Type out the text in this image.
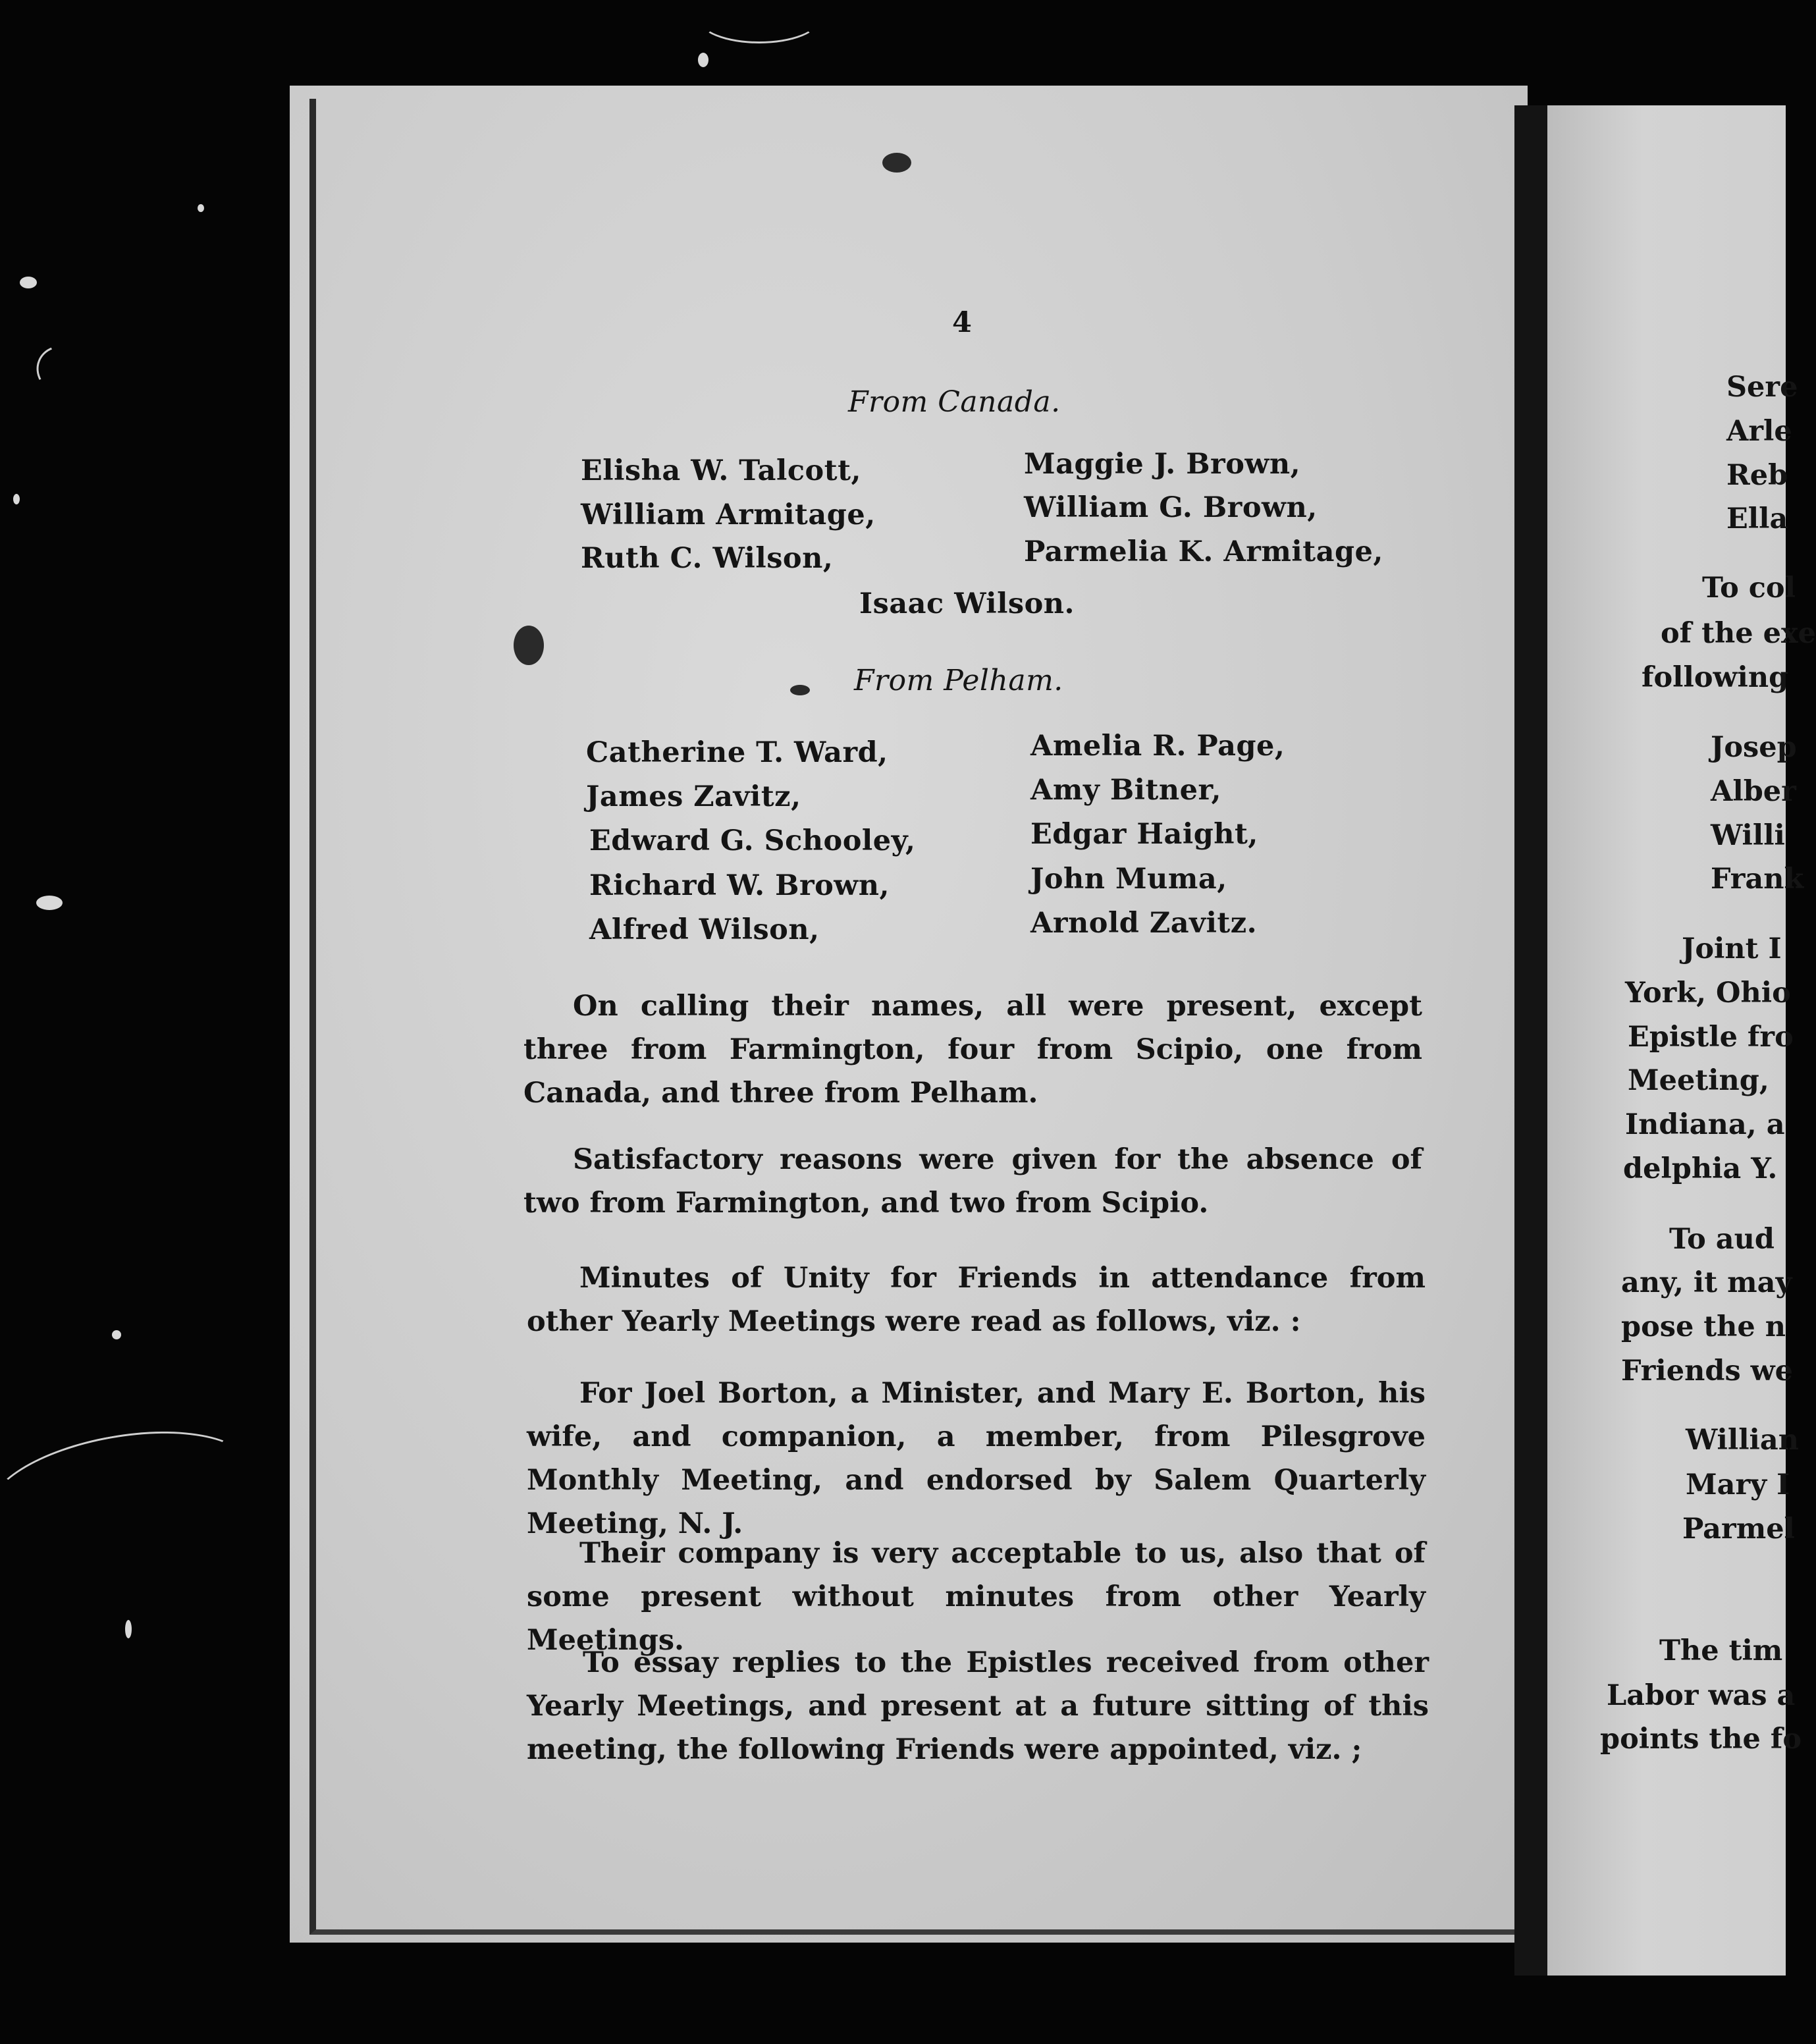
4
From Canada.
Elisha W. Talcott,
William Armitage,
Ruth C. Wilson,
Maggie J. Brown,
William G. Brown,
Parmelia K. Armitage,
Isaac Wilson.
From Pelham.
Catherine T. Ward,
James Zavitz,
Edward G. Schooley,
Richard W. Brown,
Alfred Wilson,
Amelia R. Page,
Amy Bitner,
Edgar Haight,
John Muma,
Arnold Zavitz.
On calling their names, all were present, except three from Farmington, four from Scipio, one from Canada, and three from Pelham.
Satisfactory reasons were given for the absence of two from Farmington, and two from Scipio.
Minutes of Unity for Friends in attendance from other Yearly Meetings were read as follows, viz. :
For Joel Borton, a Minister, and Mary E. Borton, his wife, and companion, a member, from Pilesgrove Monthly Meeting, and endorsed by Salem Quarterly Meeting, N. J.
Their company is very acceptable to us, also that of some present without minutes from other Yearly Meetings.
To essay replies to the Epistles received from other Yearly Meetings, and present at a future sitting of this meeting, the following Friends were appointed, viz. ;
Sere
Arle
Reb
Ella
To col
of the exe
following
Josep
Alber
Willi
Frank
Joint I
York, Ohio
Epistle fro
Meeting,
Indiana, a
delphia Y.
To aud
any, it may
pose the n
Friends we
Willian
Mary I
Parmel
The tim
Labor was a
points the fo
